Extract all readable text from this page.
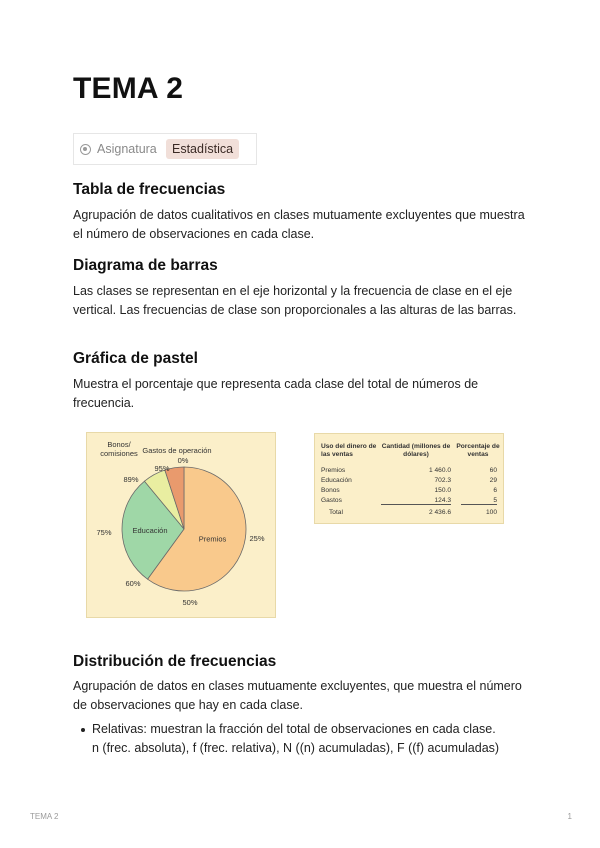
TEMA 2
Asignatura	Estadística
Tabla de frecuencias

Agrupación de datos cualitativos en clases mutuamente excluyentes que muestra el número de observaciones en cada clase.

Diagrama de barras

Las clases se representan en el eje horizontal y la frecuencia de clase en el eje vertical. Las frecuencias de clase son proporcionales a las alturas de las barras.

Gráfica de pastel

Muestra el porcentaje que representa cada clase del total de números de frecuencia.

Premios
Educación
Bonos/
comisiones Gastos de operación
0%
25%
50%
60%
75%
89%
95%
Uso del dinero de las ventas
Cantidad (millones de dólares)
Porcentaje de ventas
Premios	1 460.0	60
Educación	702.3	29
Bonos	150.0	6
Gastos	124.3	5
Total	2 436.6	100
Distribución de frecuencias

Agrupación de datos en clases mutuamente excluyentes, que muestra el número de observaciones que hay en cada clase.

Relativas: muestran la fracción del total de observaciones en cada clase.
n (frec. absoluta), f (frec. relativa), N ((n) acumuladas), F ((f) acumuladas)
TEMA 2	1
